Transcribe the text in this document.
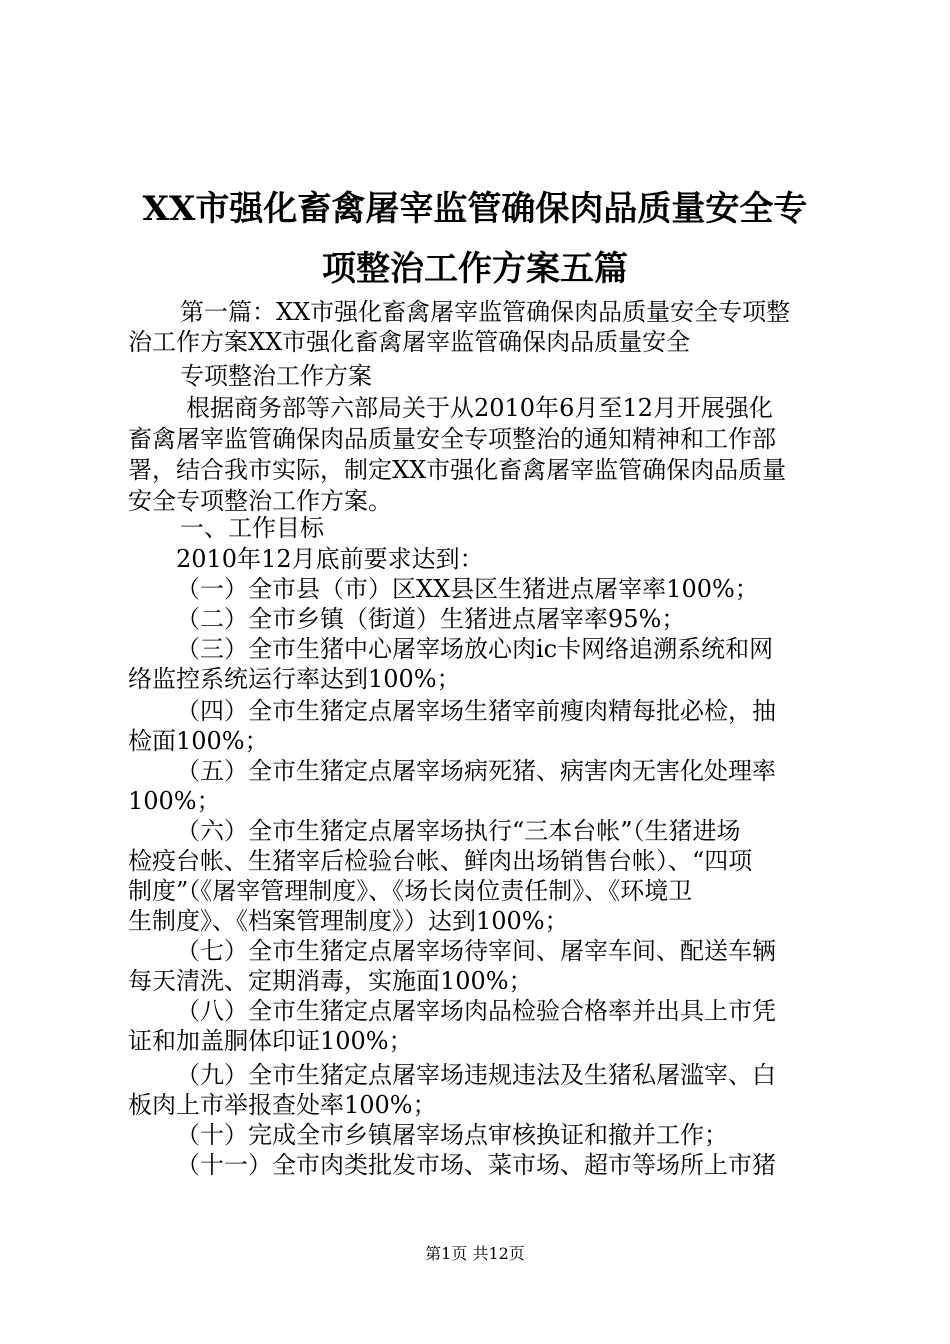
XX市强化畜禽屠宰监管确保肉品质量安全专
项整治工作方案五篇
第一篇：XX市强化畜禽屠宰监管确保肉品质量安全专项整
治工作方案XX市强化畜禽屠宰监管确保肉品质量安全
专项整治工作方案
根据商务部等六部局关于从2010年6月至12月开展强化
畜禽屠宰监管确保肉品质量安全专项整治的通知精神和工作部
署，结合我市实际，制定XX市强化畜禽屠宰监管确保肉品质量
安全专项整治工作方案。
一、工作目标
2010年12月底前要求达到：
（一）全市县（市）区XX县区生猪进点屠宰率100%；
（二）全市乡镇（街道）生猪进点屠宰率95%；
（三）全市生猪中心屠宰场放心肉ic卡网络追溯系统和网
络监控系统运行率达到100%；
（四）全市生猪定点屠宰场生猪宰前瘦肉精每批必检，抽
检面100%；
（五）全市生猪定点屠宰场病死猪、病害肉无害化处理率
100%；
（六）全市生猪定点屠宰场执行“三本台帐”（生猪进场
检疫台帐、生猪宰后检验台帐、鲜肉出场销售台帐）、“四项
制度”（《屠宰管理制度》、《场长岗位责任制》、《环境卫
生制度》、《档案管理制度》）达到100%；
（七）全市生猪定点屠宰场待宰间、屠宰车间、配送车辆
每天清洗、定期消毒，实施面100%；
（八）全市生猪定点屠宰场肉品检验合格率并出具上市凭
证和加盖胴体印证100%；
（九）全市生猪定点屠宰场违规违法及生猪私屠滥宰、白
板肉上市举报查处率100%；
（十）完成全市乡镇屠宰场点审核换证和撤并工作；
（十一）全市肉类批发市场、菜市场、超市等场所上市猪
第1页 共12页
